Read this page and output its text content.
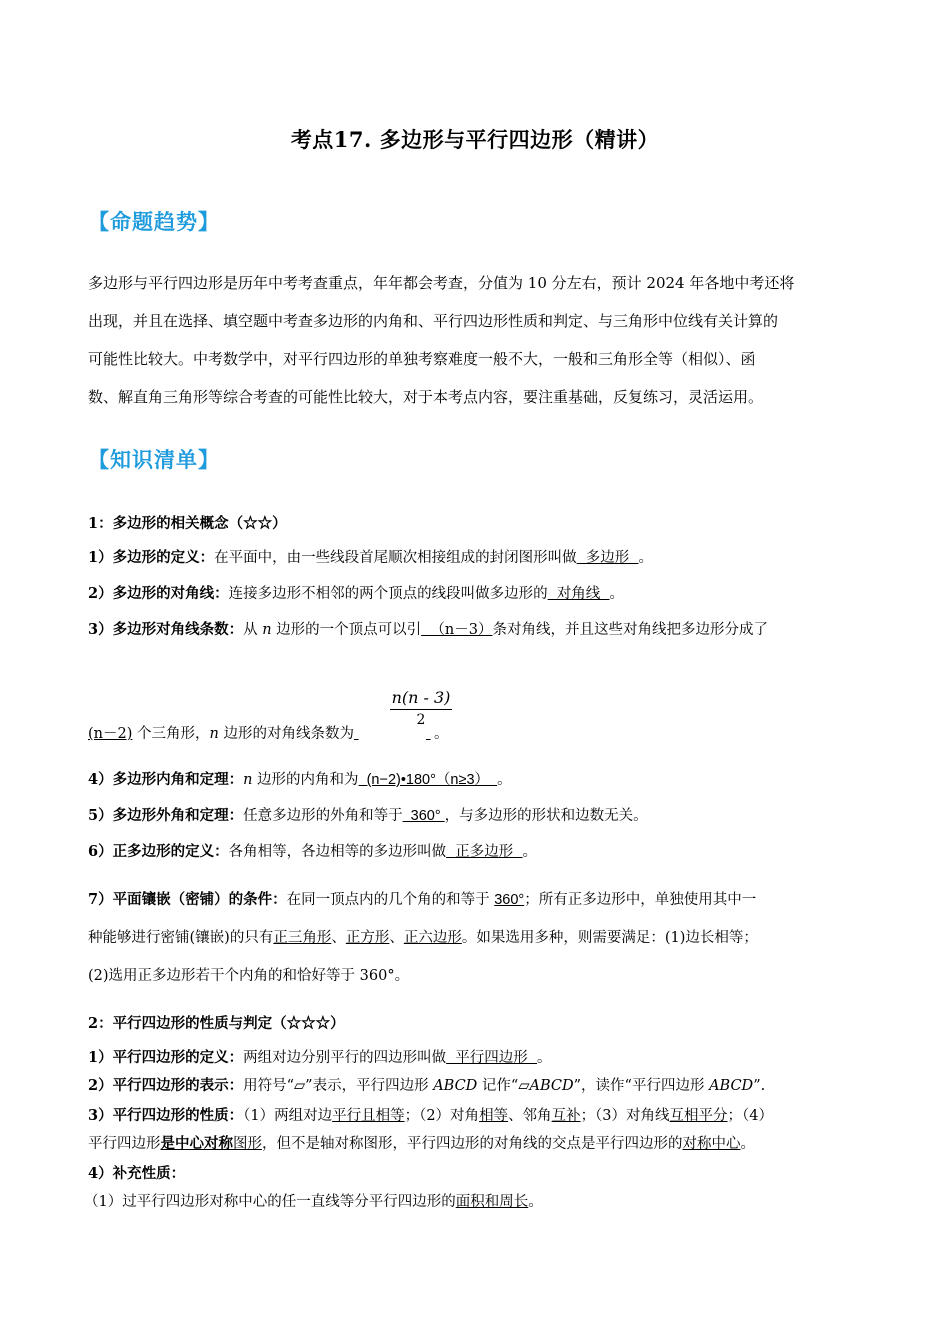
考点17. 多边形与平行四边形（精讲）
【命题趋势】
多边形与平行四边形是历年中考考查重点，年年都会考查，分值为 10 分左右，预计 2024 年各地中考还将
出现，并且在选择、填空题中考查多边形的内角和、平行四边形性质和判定、与三角形中位线有关计算的
可能性比较大。中考数学中，对平行四边形的单独考察难度一般不大，一般和三角形全等（相似）、函
数、解直角三角形等综合考查的可能性比较大，对于本考点内容，要注重基础，反复练习，灵活运用。
【知识清单】
1：多边形的相关概念（☆☆）
1）多边形的定义：在平面中，由一些线段首尾顺次相接组成的封闭图形叫做  多边形  。
2）多边形的对角线：连接多边形不相邻的两个顶点的线段叫做多边形的  对角线  。
3）多边形对角线条数：从 n 边形的一个顶点可以引  （n－3）条对角线，并且这些对角线把多边形分成了
n(n - 3)
2
(n－2) 个三角形，n 边形的对角线条数为	。
4）多边形内角和定理：n 边形的内角和为  (n−2)•180°（n≥3）  。
5）多边形外角和定理：任意多边形的外角和等于  360° ，与多边形的形状和边数无关。
6）正多边形的定义：各角相等，各边相等的多边形叫做  正多边形  。
7）平面镶嵌（密铺）的条件：在同一顶点内的几个角的和等于 360°；所有正多边形中，单独使用其中一
种能够进行密铺(镶嵌)的只有正三角形、正方形、正六边形。如果选用多种，则需要满足：(1)边长相等；
(2)选用正多边形若干个内角的和恰好等于 360°。
2：平行四边形的性质与判定（☆☆☆）
1）平行四边形的定义：两组对边分别平行的四边形叫做  平行四边形  。
2）平行四边形的表示：用符号“▱”表示，平行四边形 ABCD 记作“▱ABCD”，读作“平行四边形 ABCD”.
3）平行四边形的性质：（1）两组对边平行且相等；（2）对角相等、邻角互补；（3）对角线互相平分；（4）
平行四边形是中心对称图形，但不是轴对称图形，平行四边形的对角线的交点是平行四边形的对称中心。
4）补充性质：
（1）过平行四边形对称中心的任一直线等分平行四边形的面积和周长。
